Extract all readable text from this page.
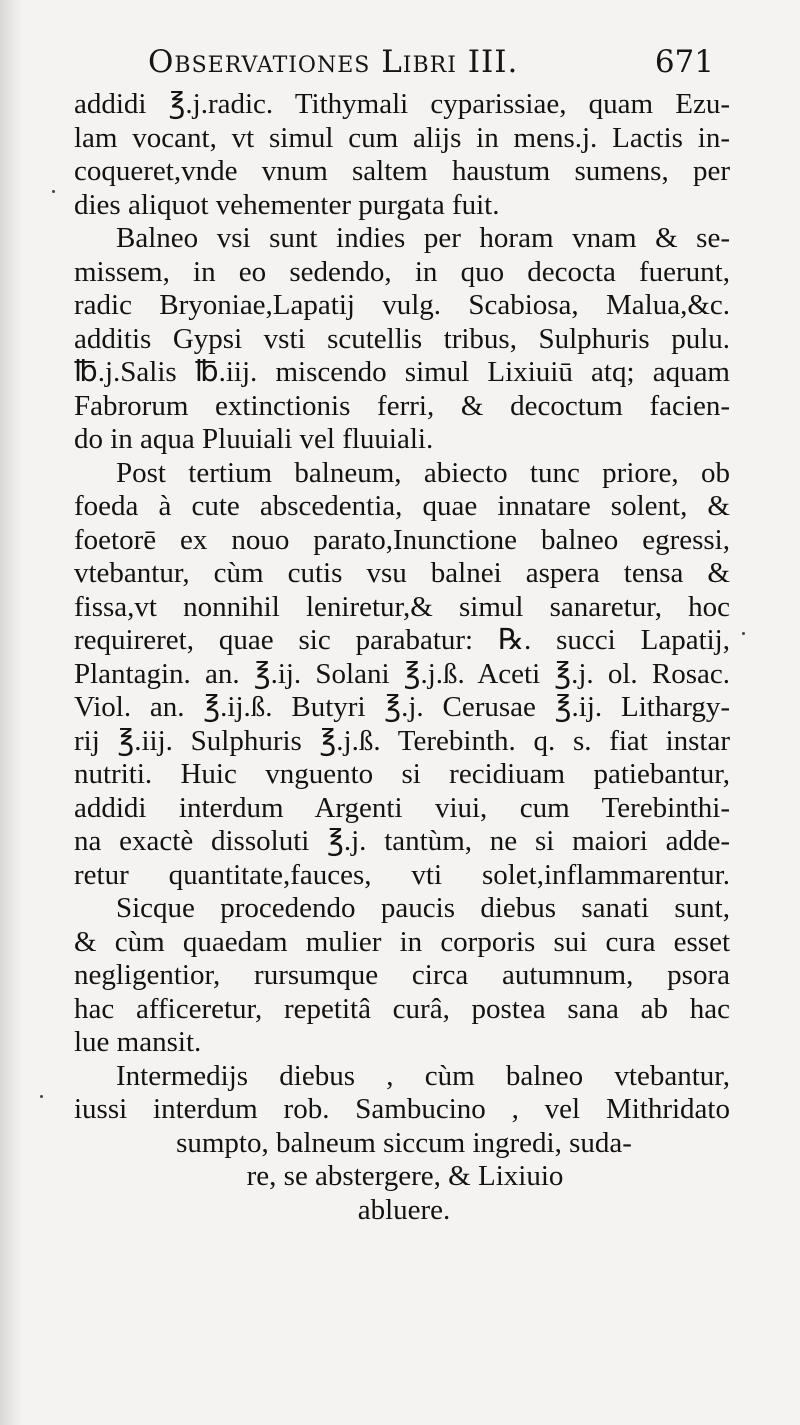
Observationes Libri III.	671
addidi ℥.j.radic. Tithymali cyparissiae, quam Ezu-
lam vocant, vt simul cum alijs in mens.j. Lactis in-
coqueret,vnde vnum saltem haustum sumens, per
dies aliquot vehementer purgata fuit.
Balneo vsi sunt indies per horam vnam & se-
missem, in eo sedendo, in quo decocta fuerunt,
radic Bryoniae,Lapatij vulg. Scabiosa, Malua,&c.
additis Gypsi vsti scutellis tribus, Sulphuris pulu.
℔.j.Salis ℔.iij. miscendo simul Lixiuiū atq; aquam
Fabrorum extinctionis ferri, & decoctum facien-
do in aqua Pluuiali vel fluuiali.
Post tertium balneum, abiecto tunc priore, ob
foeda à cute abscedentia, quae innatare solent, &
foetorē ex nouo parato,Inunctione balneo egressi,
vtebantur, cùm cutis vsu balnei aspera tensa &
fissa,vt nonnihil leniretur,& simul sanaretur, hoc
requireret, quae sic parabatur: ℞. succi Lapatij,
Plantagin. an. ℥.ij. Solani ℥.j.ß. Aceti ℥.j. ol. Rosac.
Viol. an. ℥.ij.ß. Butyri ℥.j. Cerusae ℥.ij. Lithargy-
rij ℥.iij. Sulphuris ℥.j.ß. Terebinth. q. s. fiat instar
nutriti. Huic vnguento si recidiuam patiebantur,
addidi interdum Argenti viui, cum Terebinthi-
na exactè dissoluti ℥.j. tantùm, ne si maiori adde-
retur quantitate,fauces, vti solet,inflammarentur.
Sicque procedendo paucis diebus sanati sunt,
& cùm quaedam mulier in corporis sui cura esset
negligentior, rursumque circa autumnum, psora
hac afficeretur, repetitâ curâ, postea sana ab hac
lue mansit.
Intermedijs diebus , cùm balneo vtebantur,
iussi interdum rob. Sambucino , vel Mithridato
sumpto, balneum siccum ingredi, suda-
re, se abstergere, & Lixiuio
abluere.
